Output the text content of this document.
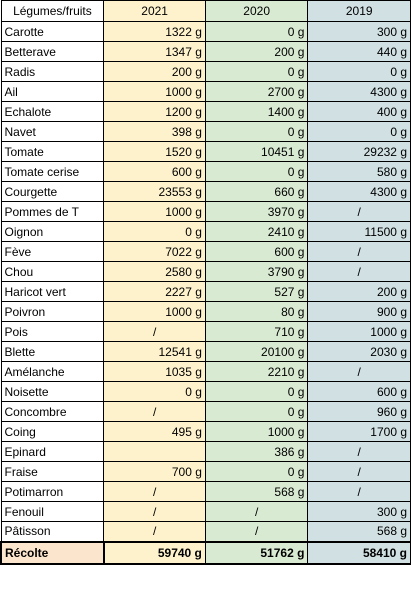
Légumes/fruits	2021	2020	2019
Carotte	1322 g	0 g	300 g
Betterave	1347 g	200 g	440 g
Radis	200 g	0 g	0 g
Ail	1000 g	2700 g	4300 g
Echalote	1200 g	1400 g	400 g
Navet	398 g	0 g	0 g
Tomate	1520 g	10451 g	29232 g
Tomate cerise	600 g	0 g	580 g
Courgette	23553 g	660 g	4300 g
Pommes de T	1000 g	3970 g	/
Oignon	0 g	2410 g	11500 g
Fève	7022 g	600 g	/
Chou	2580 g	3790 g	/
Haricot vert	2227 g	527 g	200 g
Poivron	1000 g	80 g	900 g
Pois	/	710 g	1000 g
Blette	12541 g	20100 g	2030 g
Amélanche	1035 g	2210 g	/
Noisette	0 g	0 g	600 g
Concombre	/	0 g	960 g
Coing	495 g	1000 g	1700 g
Epinard		386 g	/
Fraise	700 g	0 g	/
Potimarron	/	568 g	/
Fenouil	/	/	300 g
Pâtisson	/	/	568 g
Récolte	59740 g	51762 g	58410 g
